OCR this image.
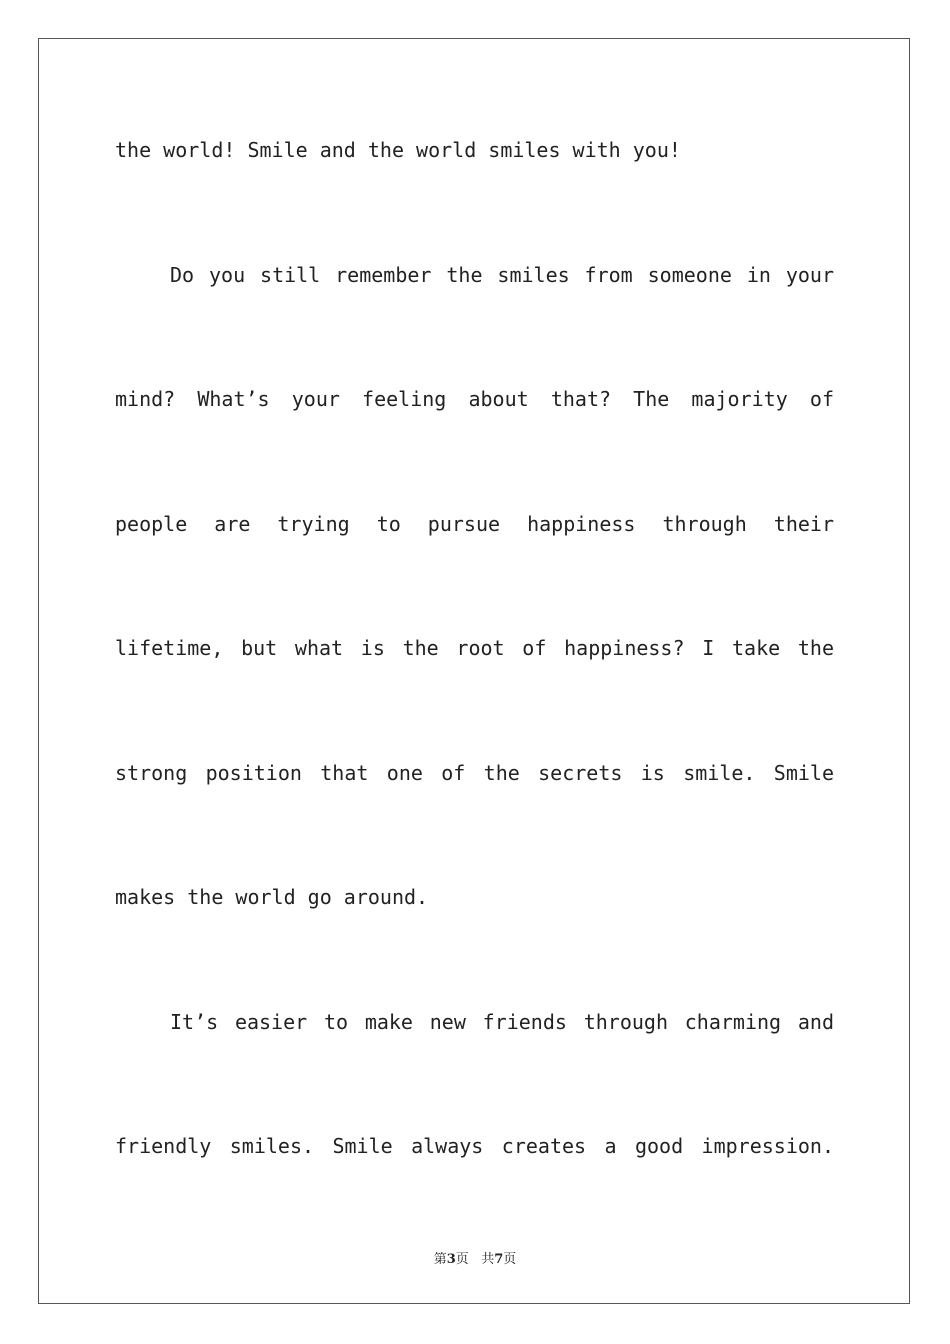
the world! Smile and the world smiles with you!
Do you still remember the smiles from someone in your
mind? What’s your feeling about that? The majority of
people are trying to pursue happiness through their
lifetime, but what is the root of happiness? I take the
strong position that one of the secrets is smile. Smile
makes the world go around.
It’s easier to make new friends through charming and
friendly smiles. Smile always creates a good impression.
第3页 共7页
